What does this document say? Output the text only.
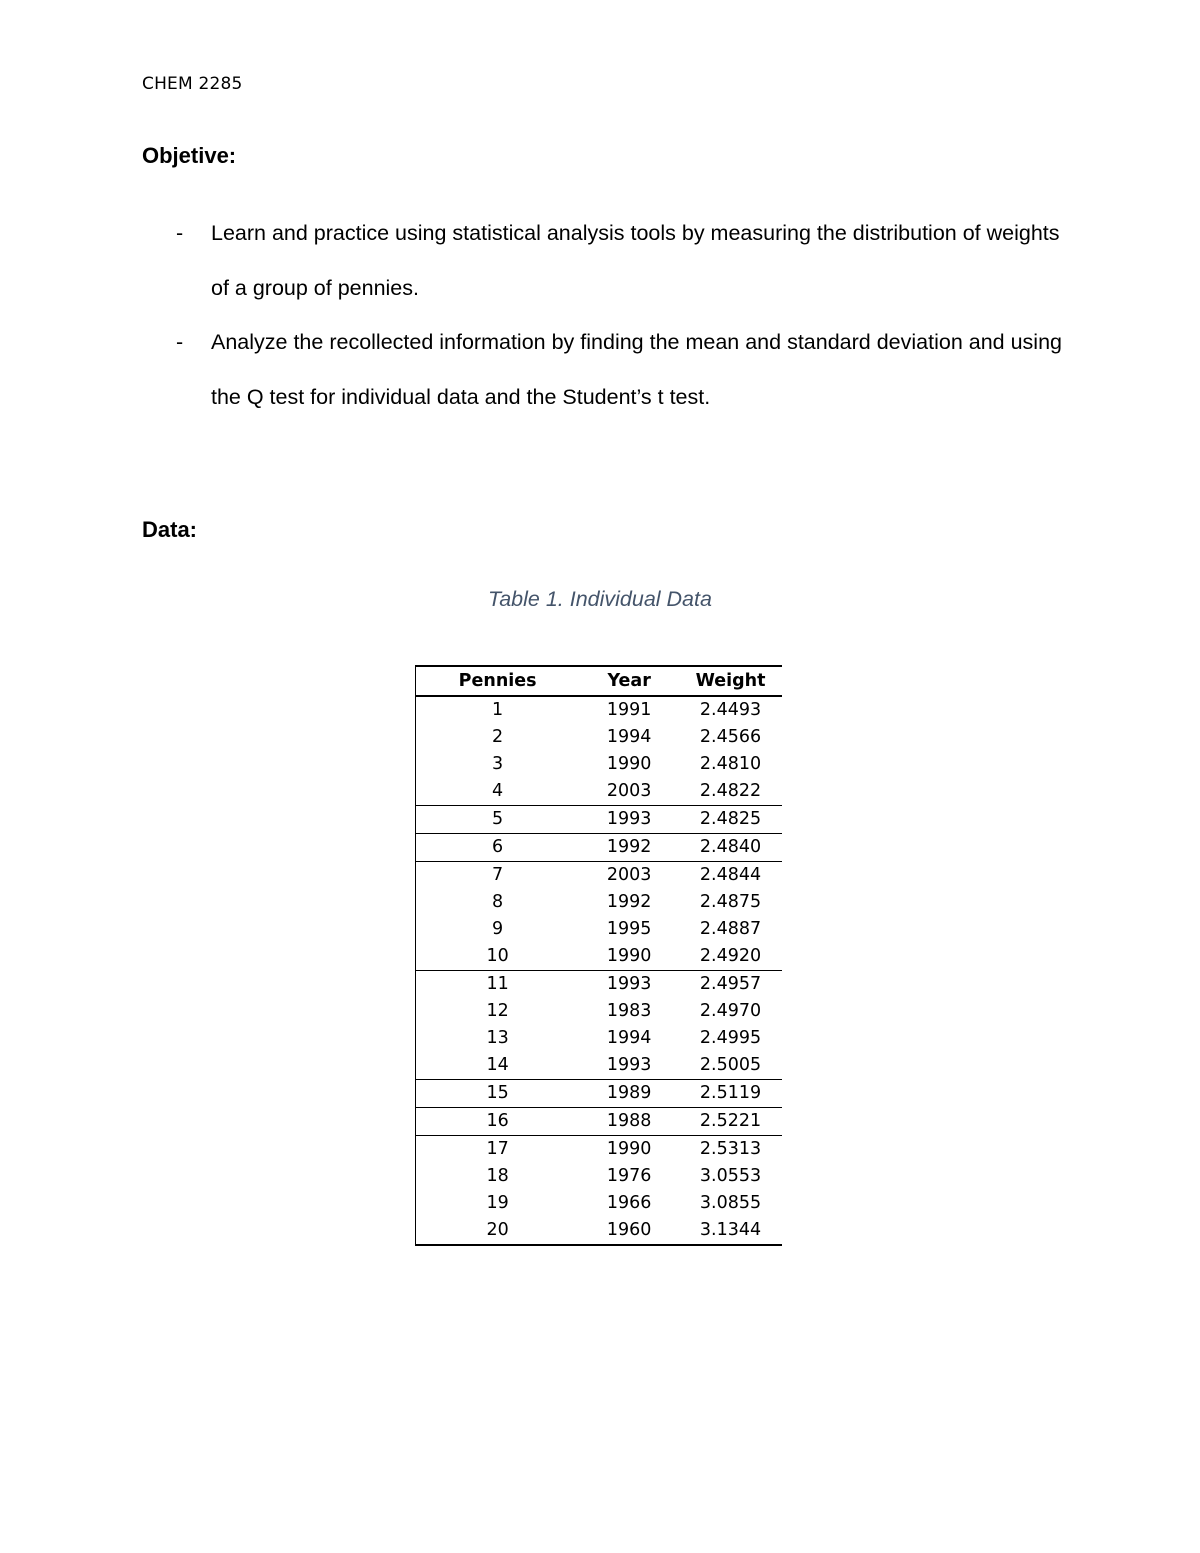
CHEM 2285
Objetive:
- Learn and practice using statistical analysis tools by measuring the distribution of weights of a group of pennies.
- Analyze the recollected information by finding the mean and standard deviation and using the Q test for individual data and the Student’s t test.
Data:
Table 1. Individual Data
Pennies	Year	Weight
1	1991	2.4493
2	1994	2.4566
3	1990	2.4810
4	2003	2.4822
5	1993	2.4825
6	1992	2.4840
7	2003	2.4844
8	1992	2.4875
9	1995	2.4887
10	1990	2.4920
11	1993	2.4957
12	1983	2.4970
13	1994	2.4995
14	1993	2.5005
15	1989	2.5119
16	1988	2.5221
17	1990	2.5313
18	1976	3.0553
19	1966	3.0855
20	1960	3.1344
